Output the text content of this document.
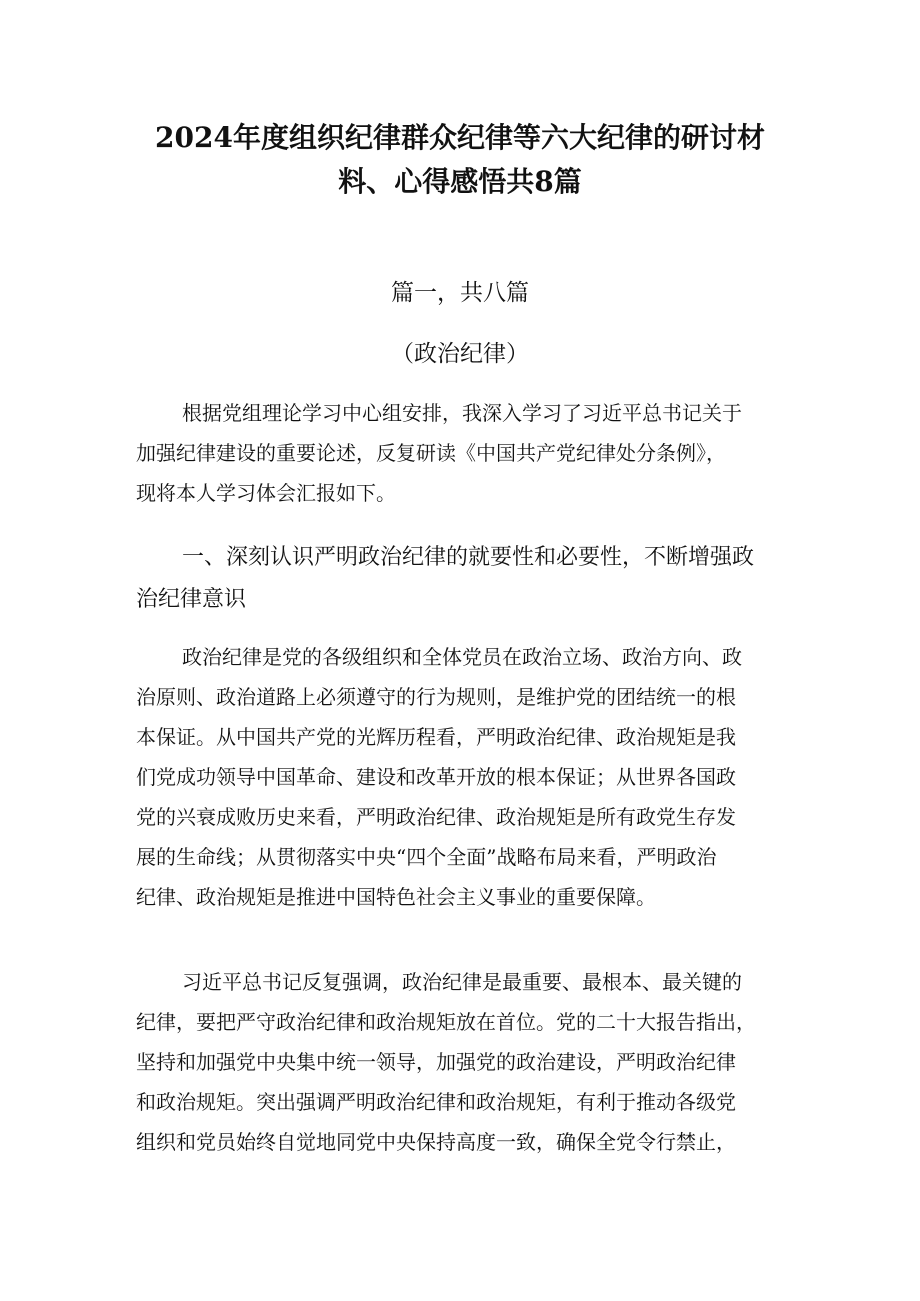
2024年度组织纪律群众纪律等六大纪律的研讨材
料、心得感悟共8篇
篇一，共八篇
（政治纪律）
根据党组理论学习中心组安排，我深入学习了习近平总书记关于
加强纪律建设的重要论述，反复研读《中国共产党纪律处分条例》，
现将本人学习体会汇报如下。
一、深刻认识严明政治纪律的就要性和必要性，不断增强政
治纪律意识
政治纪律是党的各级组织和全体党员在政治立场、政治方向、政
治原则、政治道路上必须遵守的行为规则，是维护党的团结统一的根
本保证。从中国共产党的光辉历程看，严明政治纪律、政治规矩是我
们党成功领导中国革命、建设和改革开放的根本保证；从世界各国政
党的兴衰成败历史来看，严明政治纪律、政治规矩是所有政党生存发
展的生命线；从贯彻落实中央“四个全面”战略布局来看，严明政治
纪律、政治规矩是推进中国特色社会主义事业的重要保障。
习近平总书记反复强调，政治纪律是最重要、最根本、最关键的
纪律，要把严守政治纪律和政治规矩放在首位。党的二十大报告指出，
坚持和加强党中央集中统一领导，加强党的政治建设，严明政治纪律
和政治规矩。突出强调严明政治纪律和政治规矩，有利于推动各级党
组织和党员始终自觉地同党中央保持高度一致，确保全党令行禁止，
